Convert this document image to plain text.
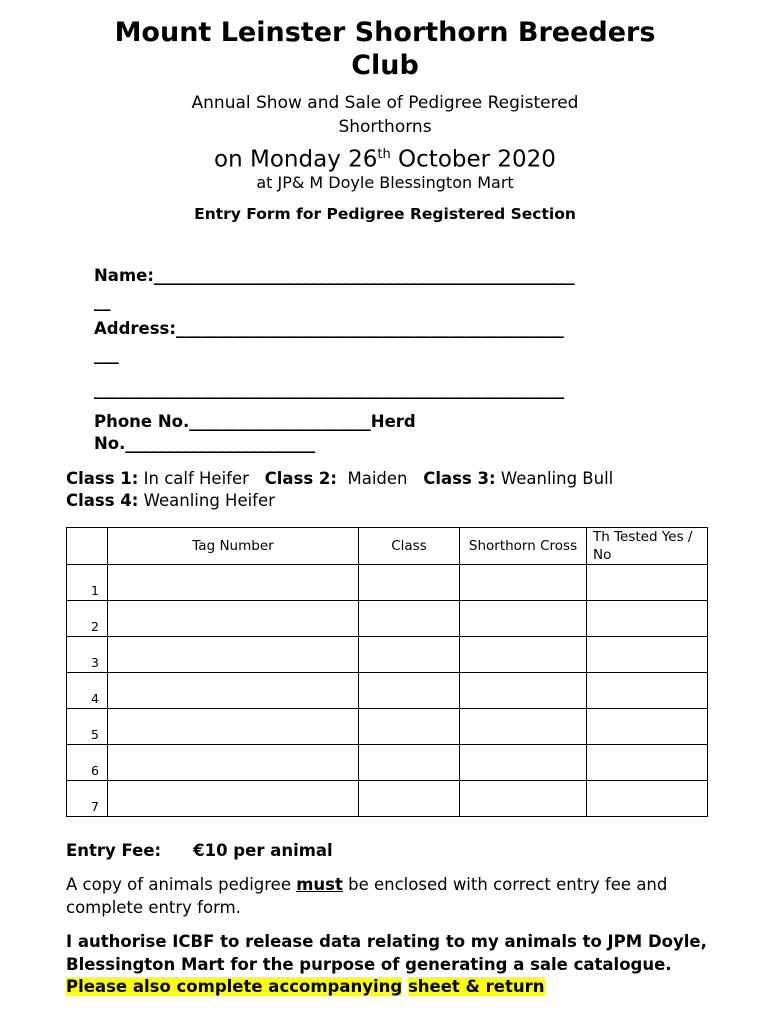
Mount Leinster Shorthorn Breeders
Club
Annual Show and Sale of Pedigree Registered
Shorthorns
on Monday 26th October 2020
at JP& M Doyle Blessington Mart
Entry Form for Pedigree Registered Section
Name:___________________________________________________
__
Address:_______________________________________________
___
_________________________________________________________
Phone No.______________________Herd
No._______________________
Class 1: In calf Heifer   Class 2:  Maiden   Class 3: Weanling Bull
Class 4: Weanling Heifer
	Tag Number	Class	Shorthorn Cross	Th Tested Yes / No
1				
2				
3				
4				
5				
6				
7				
Entry Fee: €10 per animal
A copy of animals pedigree must be enclosed with correct entry fee and complete entry form.
I authorise ICBF to release data relating to my animals to JPM Doyle, Blessington Mart for the purpose of generating a sale catalogue. Please also complete accompanying sheet & return
